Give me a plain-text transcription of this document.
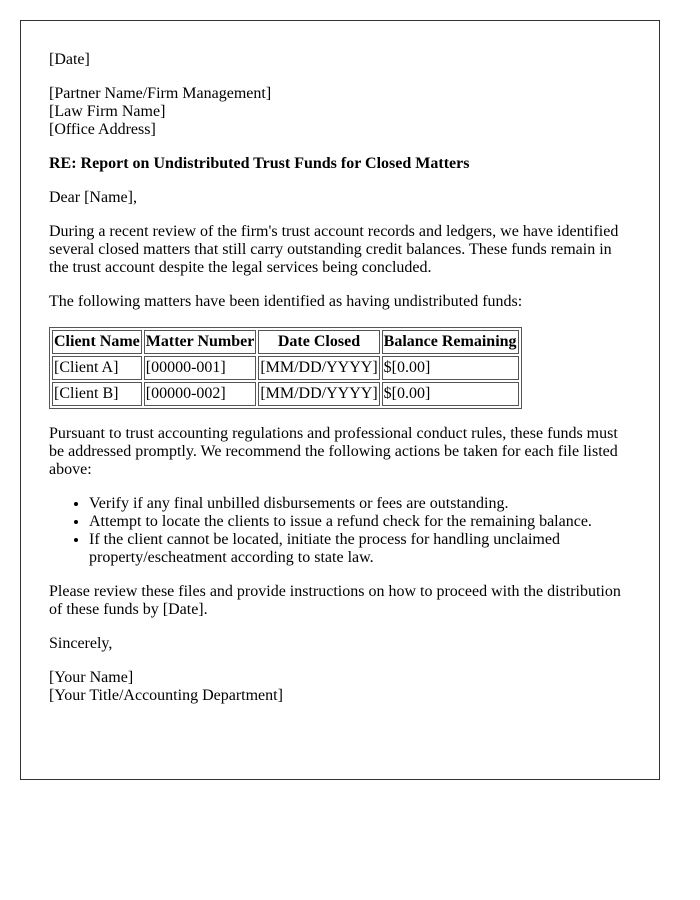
[Date]

[Partner Name/Firm Management]

[Law Firm Name]

[Office Address]

RE: Report on Undistributed Trust Funds for Closed Matters

Dear [Name],

During a recent review of the firm's trust account records and ledgers, we have identified several closed matters that still carry outstanding credit balances. These funds remain in the trust account despite the legal services being concluded.

The following matters have been identified as having undistributed funds:

Client Name	Matter Number	Date Closed	Balance Remaining
[Client A]	[00000-001]	[MM/DD/YYYY]	$[0.00]
[Client B]	[00000-002]	[MM/DD/YYYY]	$[0.00]

Pursuant to trust accounting regulations and professional conduct rules, these funds must be addressed promptly. We recommend the following actions be taken for each file listed above:

• Verify if any final unbilled disbursements or fees are outstanding.
• Attempt to locate the clients to issue a refund check for the remaining balance.
• If the client cannot be located, initiate the process for handling unclaimed property/escheatment according to state law.

Please review these files and provide instructions on how to proceed with the distribution of these funds by [Date].

Sincerely,

[Your Name]

[Your Title/Accounting Department]
